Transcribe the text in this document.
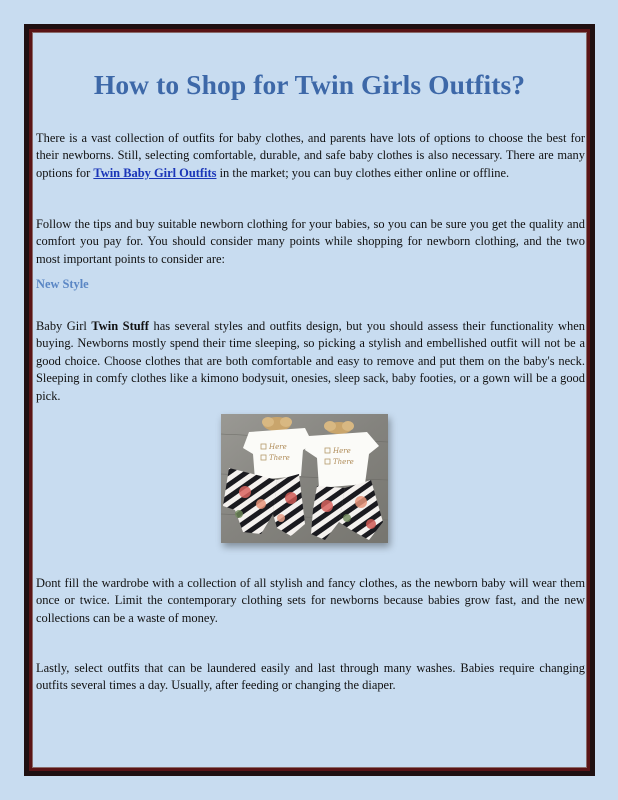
How to Shop for Twin Girls Outfits?

There is a vast collection of outfits for baby clothes, and parents have lots of options to choose the best for their newborns. Still, selecting comfortable, durable, and safe baby clothes is also necessary. There are many options for Twin Baby Girl Outfits in the market; you can buy clothes either online or offline.

Follow the tips and buy suitable newborn clothing for your babies, so you can be sure you get the quality and comfort you pay for. You should consider many points while shopping for newborn clothing, and the two most important points to consider are:

New Style

Baby Girl Twin Stuff has several styles and outfits design, but you should assess their functionality when buying. Newborns mostly spend their time sleeping, so picking a stylish and embellished outfit will not be a good choice. Choose clothes that are both comfortable and easy to remove and put them on the baby's neck. Sleeping in comfy clothes like a kimono bodysuit, onesies, sleep sack, baby footies, or a gown will be a good pick.

Here
There
Here
There

Dont fill the wardrobe with a collection of all stylish and fancy clothes, as the newborn baby will wear them once or twice. Limit the contemporary clothing sets for newborns because babies grow fast, and the new collections can be a waste of money.

Lastly, select outfits that can be laundered easily and last through many washes. Babies require changing outfits several times a day. Usually, after feeding or changing the diaper.
